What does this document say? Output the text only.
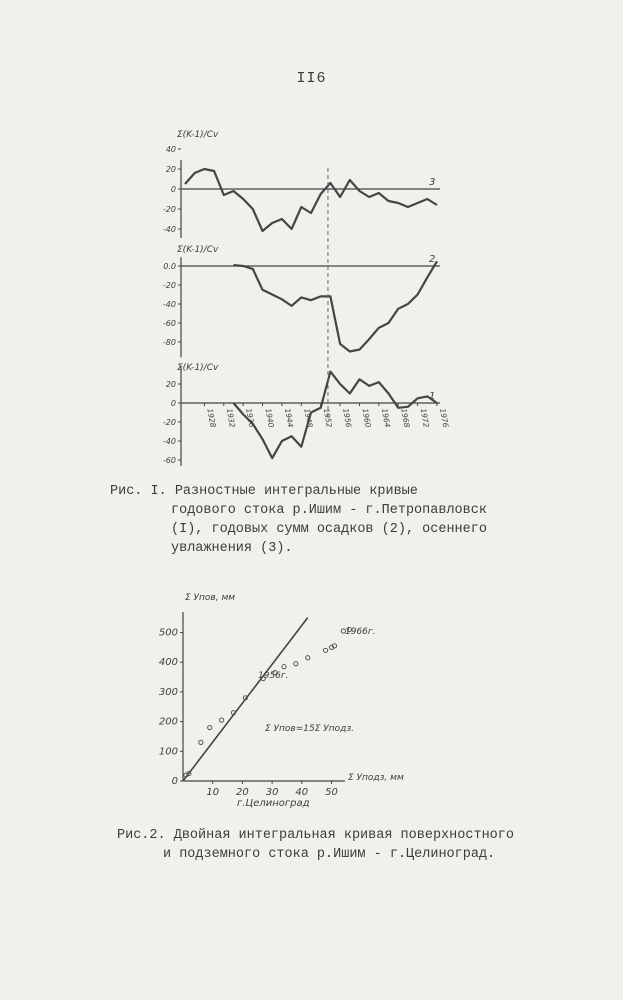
II6
Σ(K-1)/Cv
40
20
0
-20
-40
3
Σ(K-1)/Cv
0.0
-20
-40
-60
-80
2
Σ(K-1)/Cv
20
0
-20
-40
-60
1
1928 1932 1936 1940 1944 1948 1952 1956 1960 1964 1968 1972 1976
Σ Упов, мм
Σ Уподз, мм
0
100
200
300
400
500
10 20 30 40 50
г.Целиноград
1956г.
1966г.
Σ Упов=15Σ Уподз.
Рис. I. Разностные интегральные кривые

годового стока р.Ишим - г.Петропавловск
(I), годовых сумм осадков (2), осеннего
увлажнения (3).
Рис.2. Двойная интегральная кривая поверхностного

и подземного стока р.Ишим - г.Целиноград.
